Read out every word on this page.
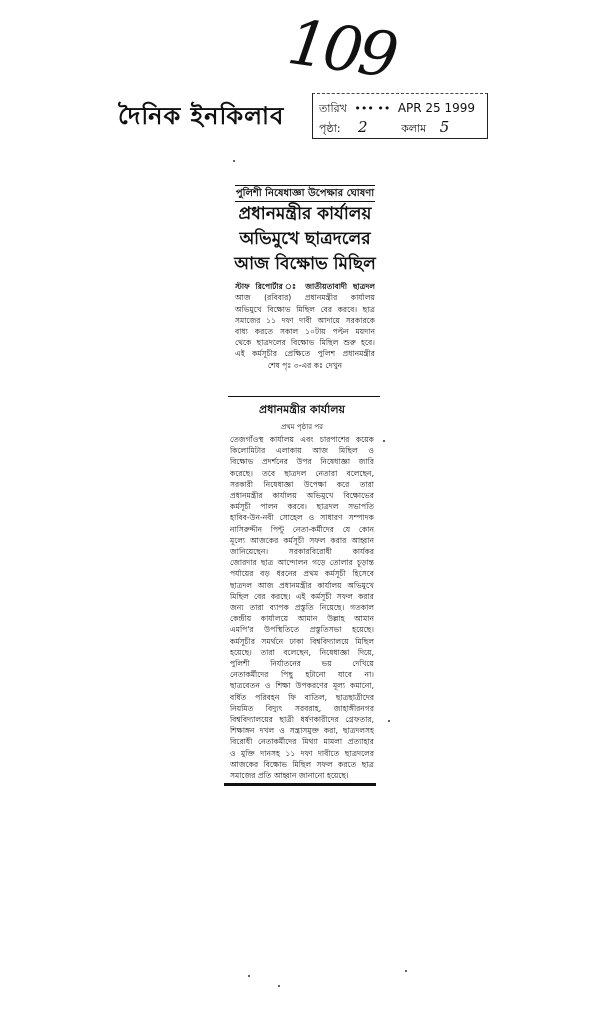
109
দৈনিক ইনকিলাব	তারিখ ••• •• APR 25 1999
পৃষ্ঠা: 2	কলাম 5
পুলিশী নিষেধাজ্ঞা উপেক্ষার ঘোষণা
প্রধানমন্ত্রীর কার্যালয়
অভিমুখে ছাত্রদলের
আজ বিক্ষোভ মিছিল
স্টাফ রিপোর্টার ঃ জাতীয়তাবাদী ছাত্রদল
আজ (রবিবার) প্রধানমন্ত্রীর কার্যালয়
অভিমুখে বিক্ষোভ মিছিল বের করবে। ছাত্র
সমাজের ১১ দফা দাবী আদায়ে সরকারকে
বাধ্য করতে সকাল ১০টায় পল্টন ময়দান
থেকে ছাত্রদলের বিক্ষোভ মিছিল শুরু হবে।
এই কর্মসূচীর প্রেক্ষিতে পুলিশ প্রধানমন্ত্রীর
শেষ পৃঃ ৩-এর কঃ দেখুন
প্রধানমন্ত্রীর কার্যালয়
প্রথম পৃষ্ঠার পর
তেজগাঁওস্থ কার্যালয় এবং চারপাশের কয়েক
কিলোমিটার এলাকায় আজ মিছিল ও
বিক্ষোভ প্রদর্শনের উপর নিষেধাজ্ঞা জারি
করেছে। তবে ছাত্রদল নেতারা বলেছেন,
সরকারী নিষেধাজ্ঞা উপেক্ষা করে তারা
প্রধানমন্ত্রীর কার্যালয় অভিমুখে বিক্ষোভের
কর্মসূচী পালন করবে। ছাত্রদল সভাপতি
হাবিব-উন-নবী সোহেল ও সাধারণ সম্পাদক
নাসিরুদ্দীন পিন্টু নেতা-কর্মীদের যে কোন
মূল্যে আজকের কর্মসূচী সফল করার আহ্বান
জানিয়েছেন। সরকারবিরোধী কার্যকর
জোরদার ছাত্র আন্দোলন গড়ে তোলার চূড়ান্ত
পর্যায়ের বড় ধরনের প্রথম কর্মসূচী হিসেবে
ছাত্রদল আজ প্রধানমন্ত্রীর কার্যালয় অভিমুখে
মিছিল বের করছে। এই কর্মসূচী সফল করার
জন্য তারা ব্যাপক প্রস্তুতি নিয়েছে। গতকাল
কেন্দ্রীয় কার্যালয়ে আমান উল্লাহ আমান
এমপি'র উপস্থিতিতে প্রস্তুতিসভা হয়েছে।
কর্মসূচীর সমর্থনে ঢাকা বিশ্ববিদ্যালয়ে মিছিল
হয়েছে। তারা বলেছেন, নিষেধাজ্ঞা দিয়ে,
পুলিশী নির্যাতনের ভয় দেখিয়ে
নেতাকর্মীদের পিছু হটানো যাবে না।
ছাত্রবেতন ও শিক্ষা উপকরণের মূল্য কমানো,
বর্ধিত পরিবহন ফি বাতিল, ছাত্রছাত্রীদের
নিয়মিত বিদ্যুৎ সরবরাহ, জাহাঙ্গীরনগর
বিশ্ববিদ্যালয়ের ছাত্রী ধর্ষণকারীদের গ্রেফতার,
শিক্ষাঙ্গন দখল ও সন্ত্রাসমুক্ত করা, ছাত্রদলসহ
বিরোধী নেতাকর্মীদের মিথ্যা মামলা প্রত্যাহার
ও মুক্তি দানসহ ১১ দফা দাবীতে ছাত্রদলের
আজকের বিক্ষোভ মিছিল সফল করতে ছাত্র
সমাজের প্রতি আহ্বান জানানো হয়েছে।
